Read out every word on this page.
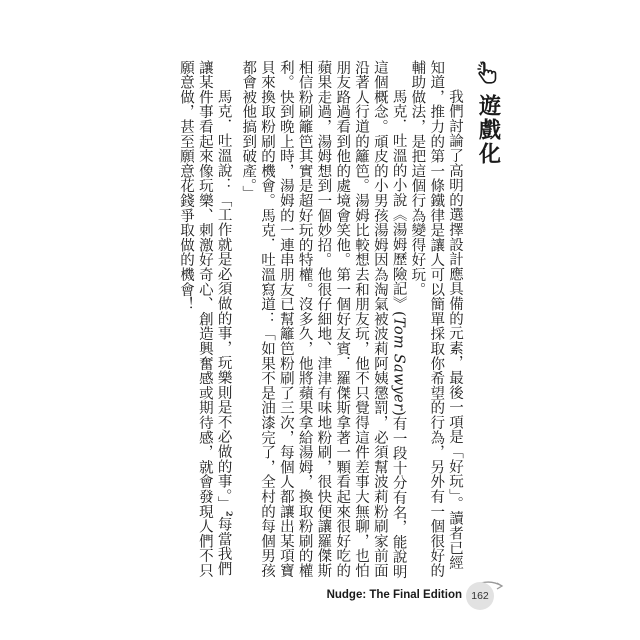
遊戲化

我們討論了高明的選擇設計應具備的元素，最後一項是「好玩」。讀者已經知道，推力的第一條鐵律是讓人可以簡單採取你希望的行為，另外有一個很好的輔助做法，是把這個行為變得好玩。

馬克．吐溫的小說《湯姆歷險記》(Tom Sawyer)有一段十分有名，能說明這個概念。頑皮的小男孩湯姆因為淘氣被波莉阿姨懲罰，必須幫波莉粉刷家前面沿著人行道的籬笆。湯姆比較想去和朋友玩，他不只覺得這件差事大無聊，也怕朋友路過看到他的處境會笑他。第一個好友賓．羅傑斯拿著一顆看起來很好吃的蘋果走過，湯姆想到一個妙招。他很仔細地、津津有味地粉刷，很快便讓羅傑斯相信粉刷籬笆其實是超好玩的特權。沒多久，他將蘋果拿給湯姆，換取粉刷的權利。快到晚上時，湯姆的一連串朋友已幫籬笆粉刷了三次，每個人都讓出某項寶貝來換取粉刷的機會。馬克．吐溫寫道：「如果不是油漆完了，全村的每個男孩都會被他搞到破產。」

馬克．吐溫說：「工作就是必須做的事，玩樂則是不必做的事。」$^2$每當我們讓某件事看起來像玩樂、刺激好奇心、創造興奮感或期待感，就會發現人們不只願意做，甚至願意花錢爭取做的機會！

Nudge: The Final Edition 162
